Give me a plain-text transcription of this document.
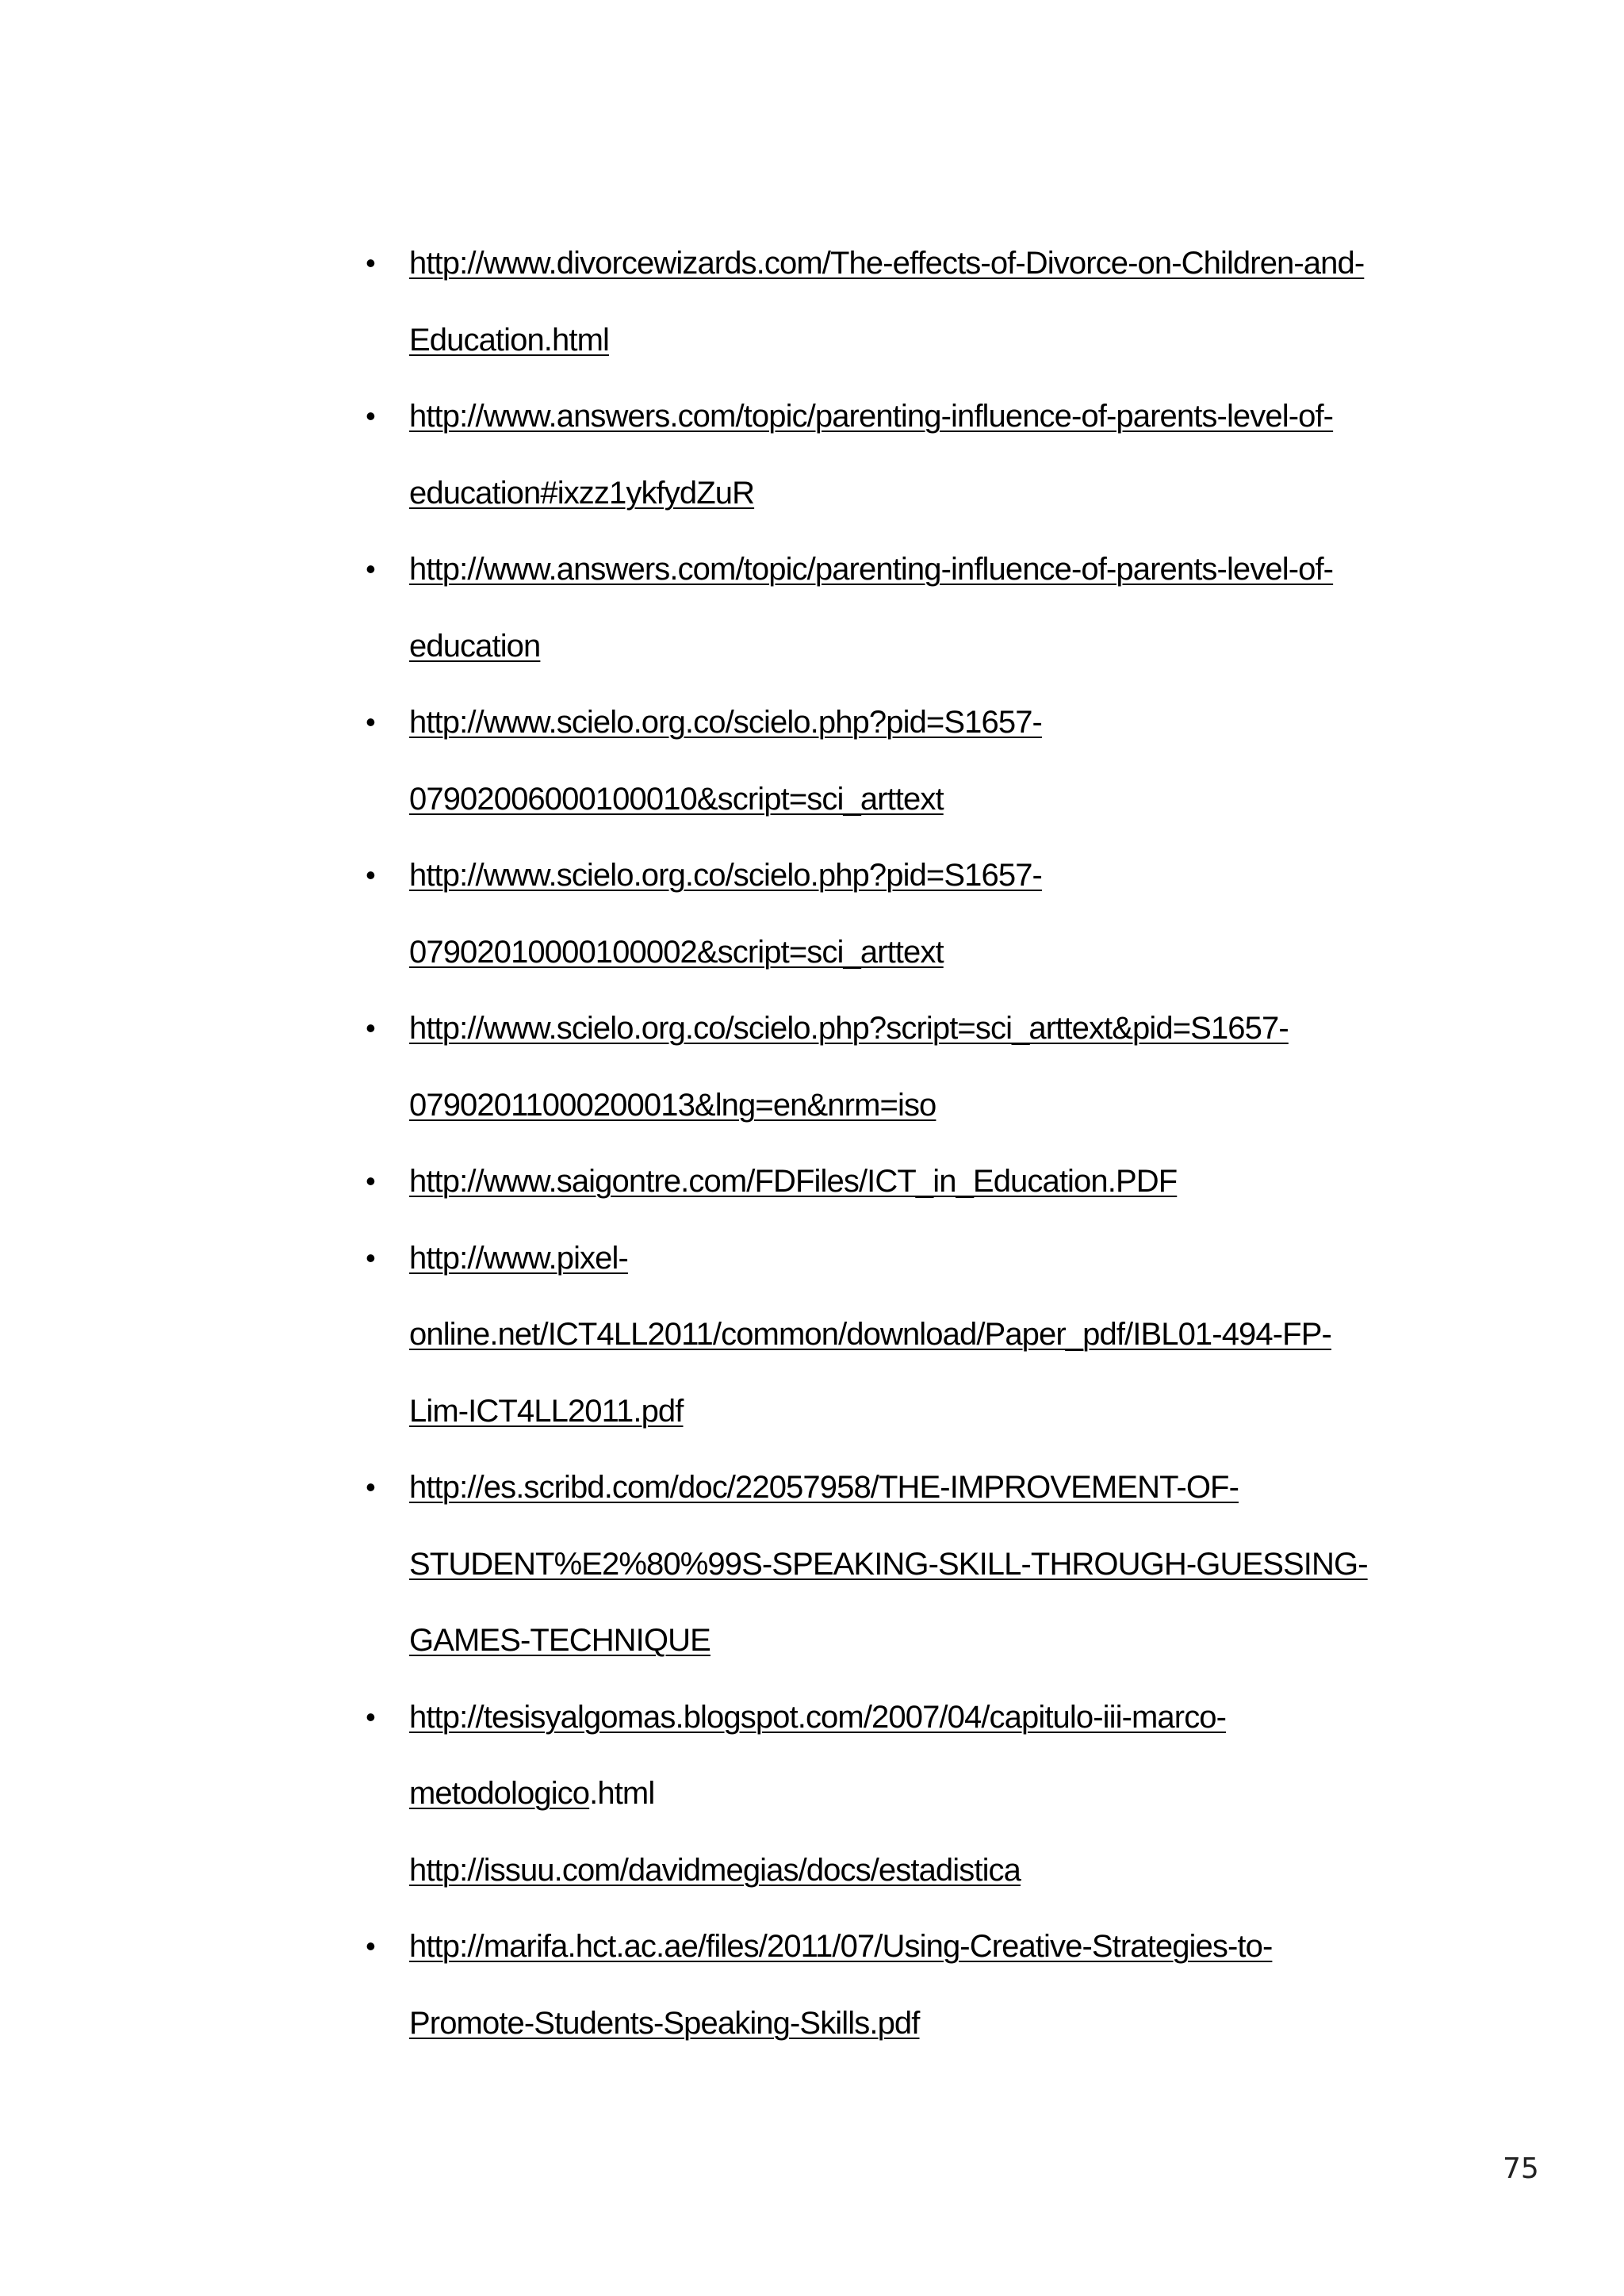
• http://www.divorcewizards.com/The-effects-of-Divorce-on-Children-and-
Education.html
• http://www.answers.com/topic/parenting-influence-of-parents-level-of-
education#ixzz1ykfydZuR
• http://www.answers.com/topic/parenting-influence-of-parents-level-of-
education
• http://www.scielo.org.co/scielo.php?pid=S1657-
07902006000100010&script=sci_arttext
• http://www.scielo.org.co/scielo.php?pid=S1657-
07902010000100002&script=sci_arttext
• http://www.scielo.org.co/scielo.php?script=sci_arttext&pid=S1657-
07902011000200013&lng=en&nrm=iso
• http://www.saigontre.com/FDFiles/ICT_in_Education.PDF
• http://www.pixel-
online.net/ICT4LL2011/common/download/Paper_pdf/IBL01-494-FP-
Lim-ICT4LL2011.pdf
• http://es.scribd.com/doc/22057958/THE-IMPROVEMENT-OF-
STUDENT%E2%80%99S-SPEAKING-SKILL-THROUGH-GUESSING-
GAMES-TECHNIQUE
• http://tesisyalgomas.blogspot.com/2007/04/capitulo-iii-marco-
metodologico.html
http://issuu.com/davidmegias/docs/estadistica
• http://marifa.hct.ac.ae/files/2011/07/Using-Creative-Strategies-to-
Promote-Students-Speaking-Skills.pdf
75
